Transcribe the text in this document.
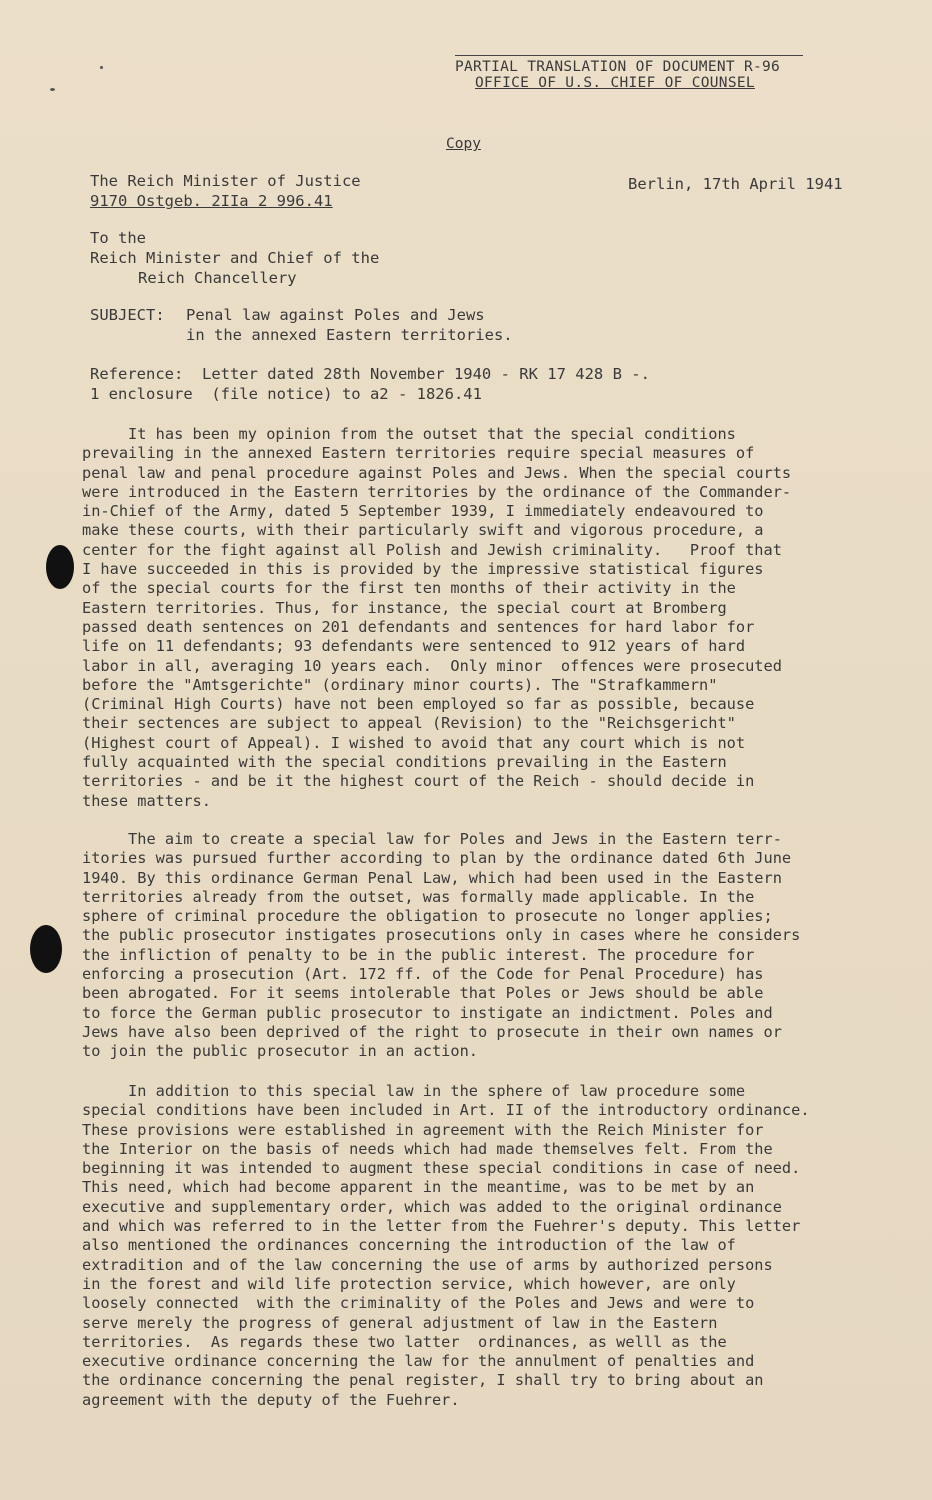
PARTIAL TRANSLATION OF DOCUMENT R-96
OFFICE OF U.S. CHIEF OF COUNSEL
Copy
The Reich Minister of Justice
9170 Ostgeb. 2IIa 2 996.41
Berlin, 17th April 1941
To the
Reich Minister and Chief of the
Reich Chancellery
SUBJECT: Penal law against Poles and Jews
in the annexed Eastern territories.
Reference:  Letter dated 28th November 1940 - RK 17 428 B -.
1 enclosure  (file notice) to a2 - 1826.41
It has been my opinion from the outset that the special conditions
prevailing in the annexed Eastern territories require special measures of
penal law and penal procedure against Poles and Jews. When the special courts
were introduced in the Eastern territories by the ordinance of the Commander-
in-Chief of the Army, dated 5 September 1939, I immediately endeavoured to
make these courts, with their particularly swift and vigorous procedure, a
center for the fight against all Polish and Jewish criminality.   Proof that
I have succeeded in this is provided by the impressive statistical figures
of the special courts for the first ten months of their activity in the
Eastern territories. Thus, for instance, the special court at Bromberg
passed death sentences on 201 defendants and sentences for hard labor for
life on 11 defendants; 93 defendants were sentenced to 912 years of hard
labor in all, averaging 10 years each.  Only minor  offences were prosecuted
before the "Amtsgerichte" (ordinary minor courts). The "Strafkammern"
(Criminal High Courts) have not been employed so far as possible, because
their sectences are subject to appeal (Revision) to the "Reichsgericht"
(Highest court of Appeal). I wished to avoid that any court which is not
fully acquainted with the special conditions prevailing in the Eastern
territories - and be it the highest court of the Reich - should decide in
these matters.
The aim to create a special law for Poles and Jews in the Eastern terr-
itories was pursued further according to plan by the ordinance dated 6th June
1940. By this ordinance German Penal Law, which had been used in the Eastern
territories already from the outset, was formally made applicable. In the
sphere of criminal procedure the obligation to prosecute no longer applies;
the public prosecutor instigates prosecutions only in cases where he considers
the infliction of penalty to be in the public interest. The procedure for
enforcing a prosecution (Art. 172 ff. of the Code for Penal Procedure) has
been abrogated. For it seems intolerable that Poles or Jews should be able
to force the German public prosecutor to instigate an indictment. Poles and
Jews have also been deprived of the right to prosecute in their own names or
to join the public prosecutor in an action.
In addition to this special law in the sphere of law procedure some
special conditions have been included in Art. II of the introductory ordinance.
These provisions were established in agreement with the Reich Minister for
the Interior on the basis of needs which had made themselves felt. From the
beginning it was intended to augment these special conditions in case of need.
This need, which had become apparent in the meantime, was to be met by an
executive and supplementary order, which was added to the original ordinance
and which was referred to in the letter from the Fuehrer's deputy. This letter
also mentioned the ordinances concerning the introduction of the law of
extradition and of the law concerning the use of arms by authorized persons
in the forest and wild life protection service, which however, are only
loosely connected  with the criminality of the Poles and Jews and were to
serve merely the progress of general adjustment of law in the Eastern
territories.  As regards these two latter  ordinances, as welll as the
executive ordinance concerning the law for the annulment of penalties and
the ordinance concerning the penal register, I shall try to bring about an
agreement with the deputy of the Fuehrer.
